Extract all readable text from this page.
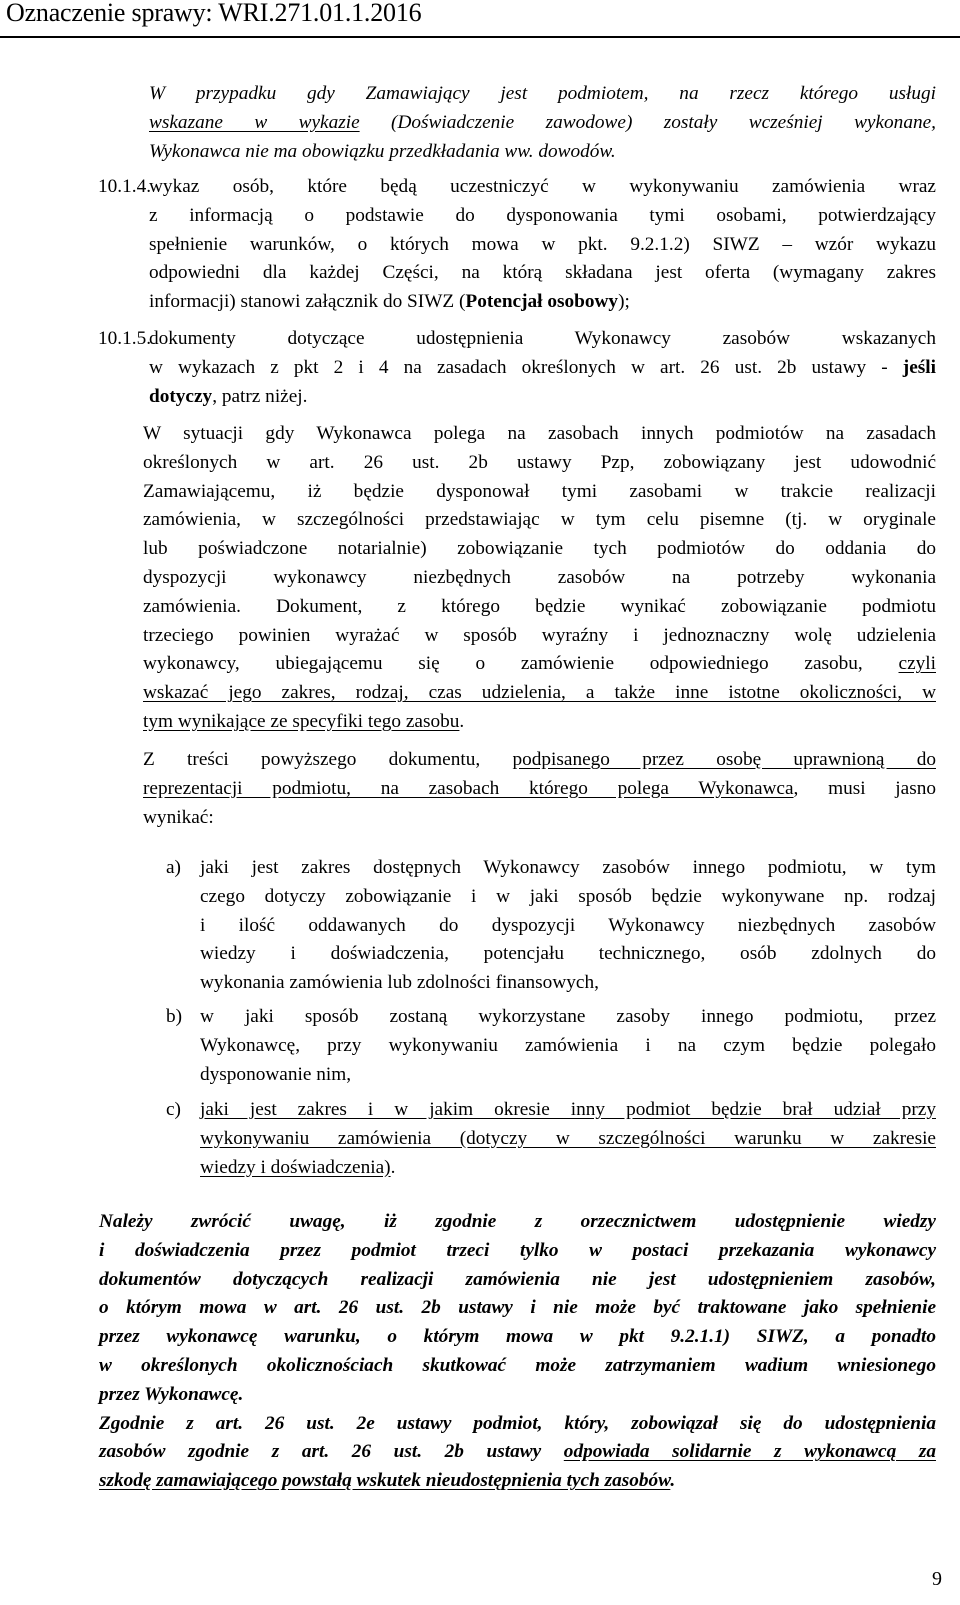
Oznaczenie sprawy: WRI.271.01.1.2016
W przypadku gdy Zamawiający jest podmiotem, na rzecz którego usługi
wskazane w wykazie (Doświadczenie zawodowe) zostały wcześniej wykonane,
Wykonawca nie ma obowiązku przedkładania ww. dowodów.
10.1.4.
wykaz osób, które będą uczestniczyć w wykonywaniu zamówienia wraz
z informacją o podstawie do dysponowania tymi osobami, potwierdzający
spełnienie warunków, o których mowa w pkt. 9.2.1.2) SIWZ – wzór wykazu
odpowiedni dla każdej Części, na którą składana jest oferta (wymagany zakres
informacji) stanowi załącznik do SIWZ (Potencjał osobowy);
10.1.5.
dokumenty dotyczące udostępnienia Wykonawcy zasobów wskazanych
w wykazach z pkt 2 i 4 na zasadach określonych w art. 26 ust. 2b ustawy - jeśli
dotyczy, patrz niżej.
W sytuacji gdy Wykonawca polega na zasobach innych podmiotów na zasadach
określonych w art. 26 ust. 2b ustawy Pzp, zobowiązany jest udowodnić
Zamawiającemu, iż będzie dysponował tymi zasobami w trakcie realizacji
zamówienia, w szczególności przedstawiając w tym celu pisemne (tj. w oryginale
lub poświadczone notarialnie) zobowiązanie tych podmiotów do oddania do
dyspozycji wykonawcy niezbędnych zasobów na potrzeby wykonania
zamówienia. Dokument, z którego będzie wynikać zobowiązanie podmiotu
trzeciego powinien wyrażać w sposób wyraźny i jednoznaczny wolę udzielenia
wykonawcy, ubiegającemu się o zamówienie odpowiedniego zasobu, czyli
wskazać jego zakres, rodzaj, czas udzielenia, a także inne istotne okoliczności, w
tym wynikające ze specyfiki tego zasobu.
Z treści powyższego dokumentu, podpisanego przez osobę uprawnioną do
reprezentacji podmiotu, na zasobach którego polega Wykonawca, musi jasno
wynikać:
a) jaki jest zakres dostępnych Wykonawcy zasobów innego podmiotu, w tym
czego dotyczy zobowiązanie i w jaki sposób będzie wykonywane np. rodzaj
i ilość oddawanych do dyspozycji Wykonawcy niezbędnych zasobów
wiedzy i doświadczenia, potencjału technicznego, osób zdolnych do
wykonania zamówienia lub zdolności finansowych,
b) w jaki sposób zostaną wykorzystane zasoby innego podmiotu, przez
Wykonawcę, przy wykonywaniu zamówienia i na czym będzie polegało
dysponowanie nim,
c) jaki jest zakres i w jakim okresie inny podmiot będzie brał udział przy
wykonywaniu zamówienia (dotyczy w szczególności warunku w zakresie
wiedzy i doświadczenia).
Należy zwrócić uwagę, iż zgodnie z orzecznictwem udostępnienie wiedzy
i doświadczenia przez podmiot trzeci tylko w postaci przekazania wykonawcy
dokumentów dotyczących realizacji zamówienia nie jest udostępnieniem zasobów,
o którym mowa w art. 26 ust. 2b ustawy i nie może być traktowane jako spełnienie
przez wykonawcę warunku, o którym mowa w pkt 9.2.1.1) SIWZ, a ponadto
w określonych okolicznościach skutkować może zatrzymaniem wadium wniesionego
przez Wykonawcę.
Zgodnie z art. 26 ust. 2e ustawy podmiot, który, zobowiązał się do udostępnienia
zasobów zgodnie z art. 26 ust. 2b ustawy odpowiada solidarnie z wykonawcą za
szkodę zamawiającego powstałą wskutek nieudostępnienia tych zasobów.
9
